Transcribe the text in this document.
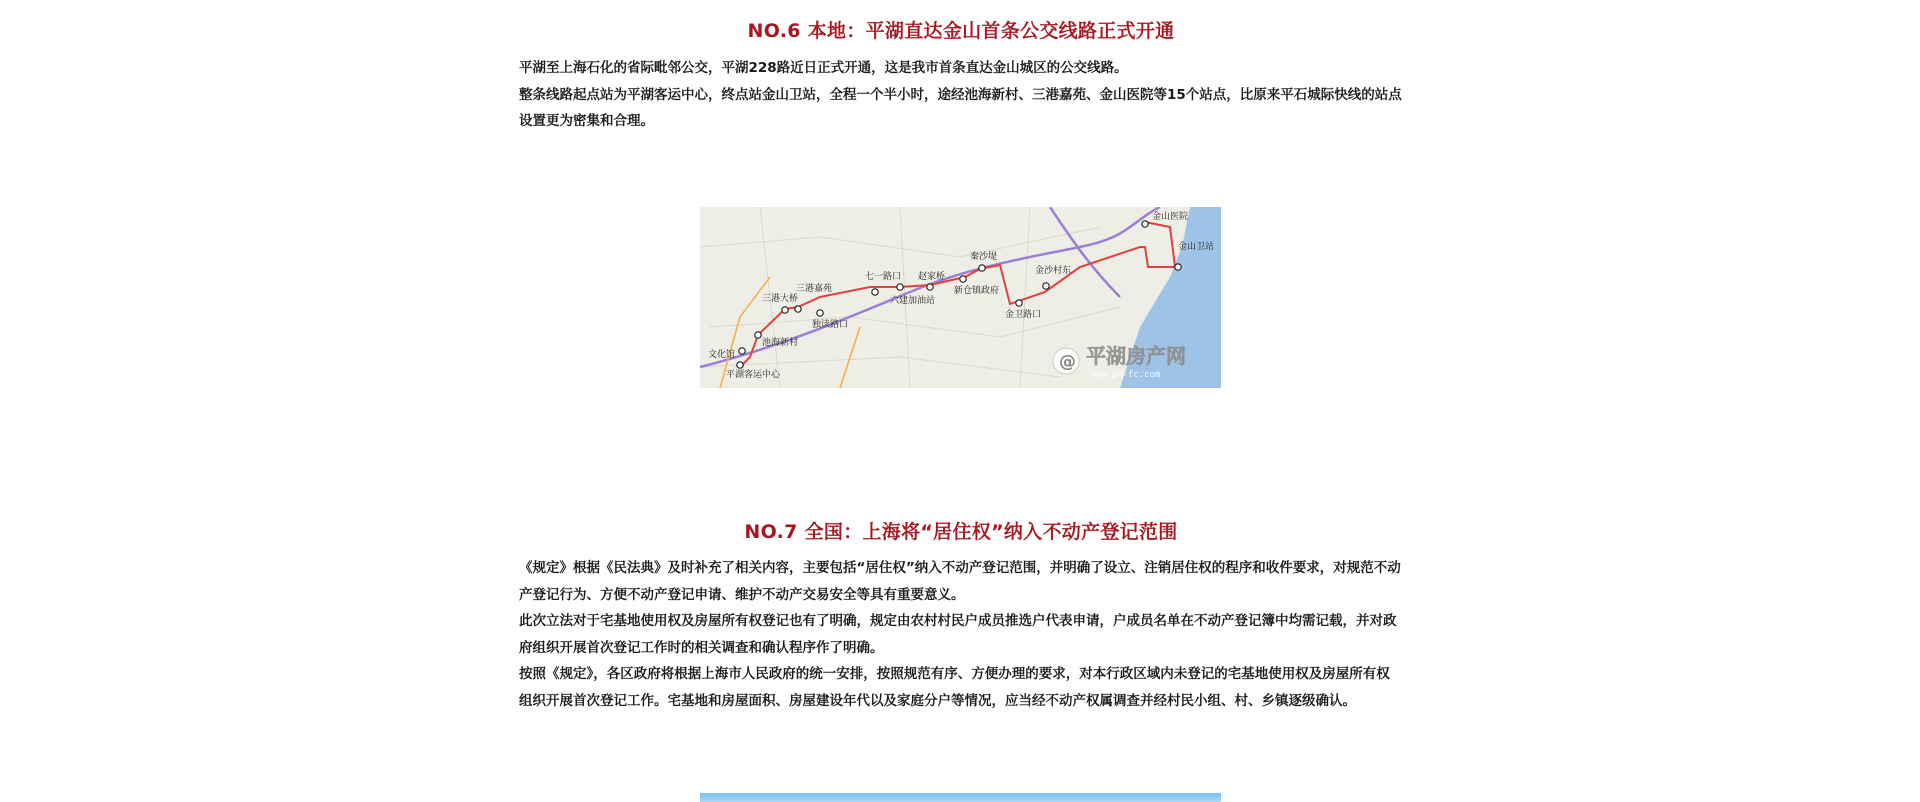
NO.6 本地：平湖直达金山首条公交线路正式开通

平湖至上海石化的省际毗邻公交，平湖228路近日正式开通，这是我市首条直达金山城区的公交线路。

整条线路起点站为平湖客运中心，终点站金山卫站，全程一个半小时，途经池海新村、三港嘉苑、金山医院等15个站点，比原来平石城际快线的站点设置更为密集和合理。

NO.7 全国：上海将“居住权”纳入不动产登记范围

《规定》根据《民法典》及时补充了相关内容，主要包括“居住权”纳入不动产登记范围，并明确了设立、注销居住权的程序和收件要求，对规范不动产登记行为、方便不动产登记申请、维护不动产交易安全等具有重要意义。

此次立法对于宅基地使用权及房屋所有权登记也有了明确，规定由农村村民户成员推选户代表申请，户成员名单在不动产登记簿中均需记载，并对政府组织开展首次登记工作时的相关调查和确认程序作了明确。

按照《规定》，各区政府将根据上海市人民政府的统一安排，按照规范有序、方便办理的要求，对本行政区域内未登记的宅基地使用权及房屋所有权组织开展首次登记工作。宅基地和房屋面积、房屋建设年代以及家庭分户等情况，应当经不动产权属调查并经村民小组、村、乡镇逐级确认。

金山医院
金山卫站
秦沙堤
金沙村东
七一路口 赵家桥
新仓镇政府
六建加油站
三港嘉苑
三港大桥
独读路口
金卫路口
池海新村
文化馆
平湖客运中心
@ 平湖房产网
www.ph-fc.com
